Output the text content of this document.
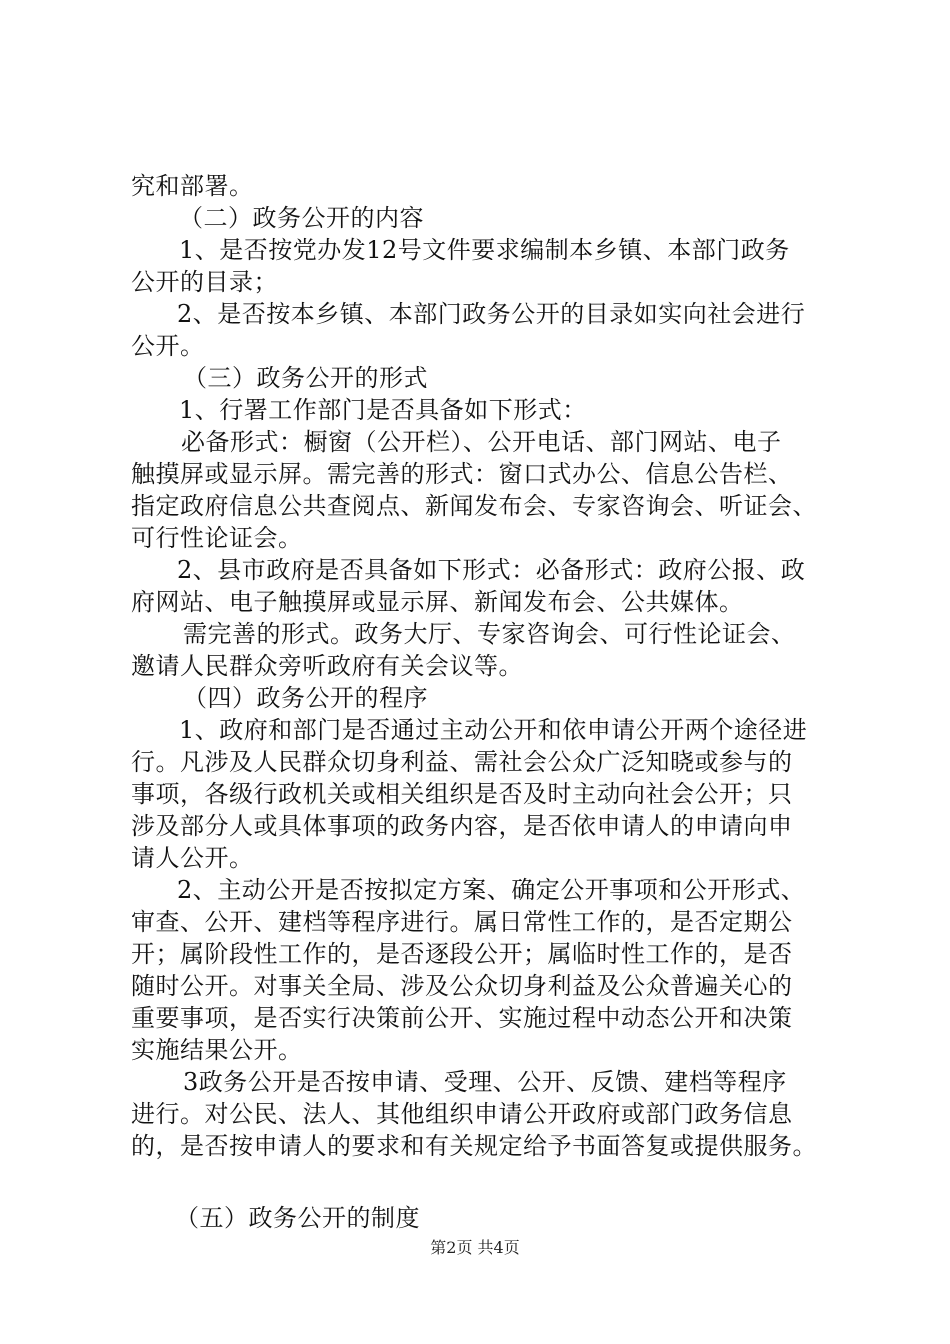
究和部署。
（二）政务公开的内容
1、是否按党办发12号文件要求编制本乡镇、本部门政务
公开的目录；
2、是否按本乡镇、本部门政务公开的目录如实向社会进行
公开。
（三）政务公开的形式
1、行署工作部门是否具备如下形式：
必备形式：橱窗（公开栏）、公开电话、部门网站、电子
触摸屏或显示屏。需完善的形式：窗口式办公、信息公告栏、
指定政府信息公共查阅点、新闻发布会、专家咨询会、听证会、
可行性论证会。
2、县市政府是否具备如下形式：必备形式：政府公报、政
府网站、电子触摸屏或显示屏、新闻发布会、公共媒体。
需完善的形式。政务大厅、专家咨询会、可行性论证会、
邀请人民群众旁听政府有关会议等。
（四）政务公开的程序
1、政府和部门是否通过主动公开和依申请公开两个途径进
行。凡涉及人民群众切身利益、需社会公众广泛知晓或参与的
事项，各级行政机关或相关组织是否及时主动向社会公开；只
涉及部分人或具体事项的政务内容，是否依申请人的申请向申
请人公开。
2、主动公开是否按拟定方案、确定公开事项和公开形式、
审查、公开、建档等程序进行。属日常性工作的，是否定期公
开；属阶段性工作的，是否逐段公开；属临时性工作的，是否
随时公开。对事关全局、涉及公众切身利益及公众普遍关心的
重要事项，是否实行决策前公开、实施过程中动态公开和决策
实施结果公开。
3政务公开是否按申请、受理、公开、反馈、建档等程序
进行。对公民、法人、其他组织申请公开政府或部门政务信息
的，是否按申请人的要求和有关规定给予书面答复或提供服务。
（五）政务公开的制度
第2页 共4页
